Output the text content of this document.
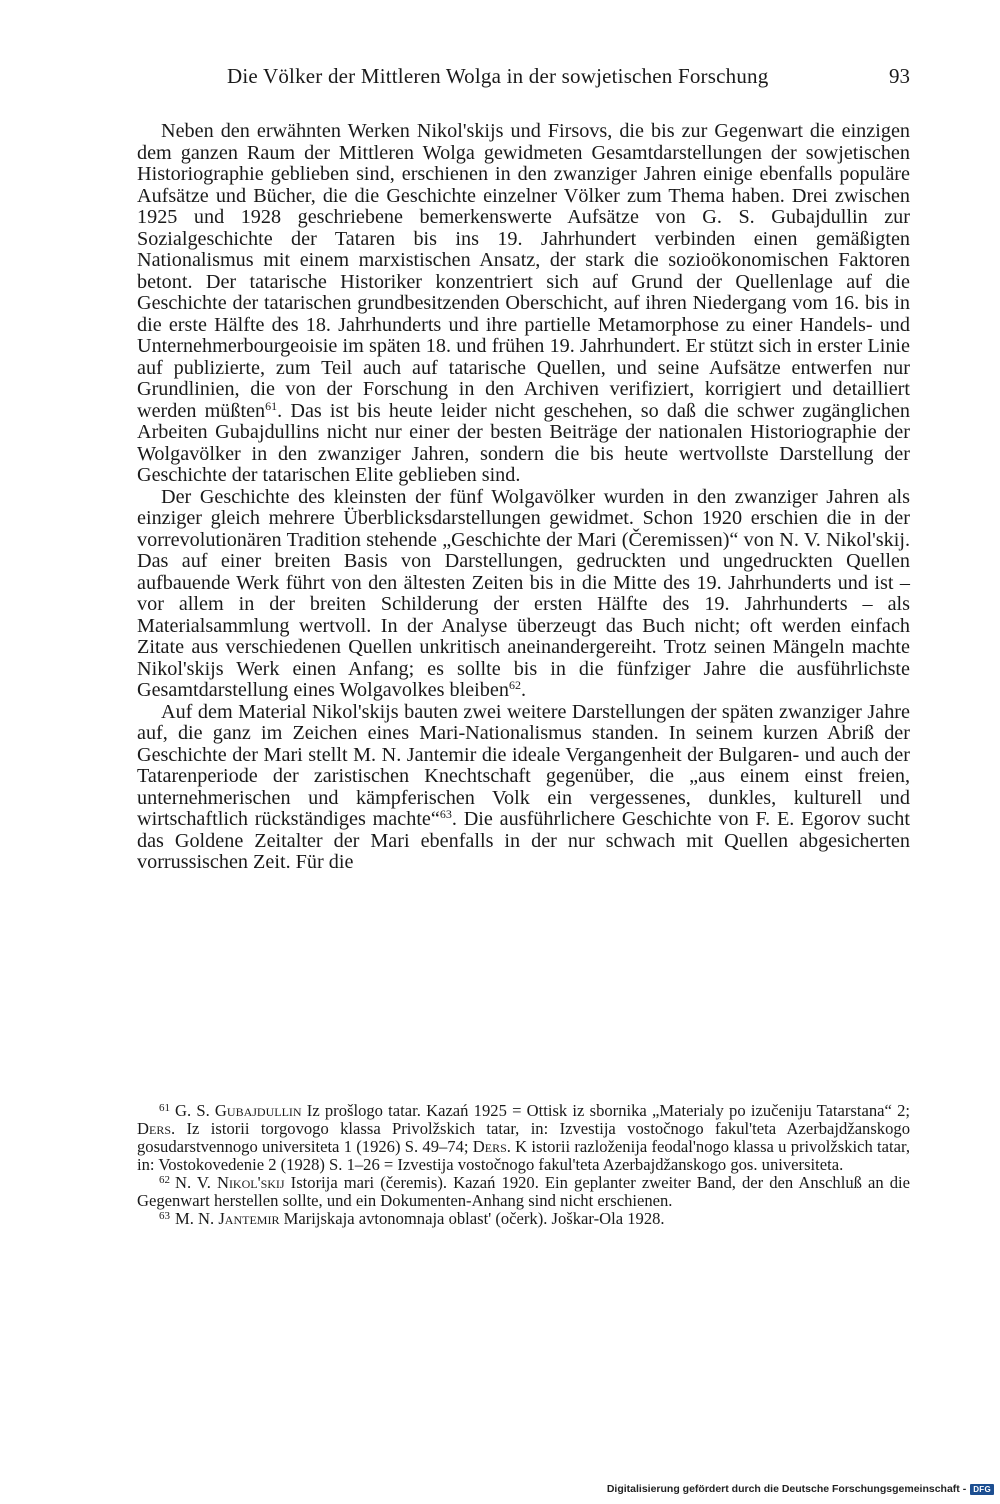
Die Völker der Mittleren Wolga in der sowjetischen Forschung	93

Neben den erwähnten Werken Nikol'skijs und Firsovs, die bis zur Gegenwart die einzigen dem ganzen Raum der Mittleren Wolga gewidmeten Gesamtdarstellungen der sowjetischen Historiographie geblieben sind, erschienen in den zwanziger Jahren einige ebenfalls populäre Aufsätze und Bücher, die die Geschichte einzelner Völker zum Thema haben. Drei zwischen 1925 und 1928 geschriebene bemerkenswerte Aufsätze von G. S. Gubajdullin zur Sozialgeschichte der Tataren bis ins 19. Jahrhundert verbinden einen gemäßigten Nationalismus mit einem marxistischen Ansatz, der stark die sozioökonomischen Faktoren betont. Der tatarische Historiker konzentriert sich auf Grund der Quellenlage auf die Geschichte der tatarischen grundbesitzenden Oberschicht, auf ihren Niedergang vom 16. bis in die erste Hälfte des 18. Jahrhunderts und ihre partielle Metamorphose zu einer Handels- und Unternehmerbourgeoisie im späten 18. und frühen 19. Jahrhundert. Er stützt sich in erster Linie auf publizierte, zum Teil auch auf tatarische Quellen, und seine Aufsätze entwerfen nur Grundlinien, die von der Forschung in den Archiven verifiziert, korrigiert und detailliert werden müßten$^{61}$. Das ist bis heute leider nicht geschehen, so daß die schwer zugänglichen Arbeiten Gubajdullins nicht nur einer der besten Beiträge der nationalen Historiographie der Wolgavölker in den zwanziger Jahren, sondern die bis heute wertvollste Darstellung der Geschichte der tatarischen Elite geblieben sind.

Der Geschichte des kleinsten der fünf Wolgavölker wurden in den zwanziger Jahren als einziger gleich mehrere Überblicksdarstellungen gewidmet. Schon 1920 erschien die in der vorrevolutionären Tradition stehende „Geschichte der Mari (Čeremissen)“ von N. V. Nikol'skij. Das auf einer breiten Basis von Darstellungen, gedruckten und ungedruckten Quellen aufbauende Werk führt von den ältesten Zeiten bis in die Mitte des 19. Jahrhunderts und ist – vor allem in der breiten Schilderung der ersten Hälfte des 19. Jahrhunderts – als Materialsammlung wertvoll. In der Analyse überzeugt das Buch nicht; oft werden einfach Zitate aus verschiedenen Quellen unkritisch aneinandergereiht. Trotz seinen Mängeln machte Nikol'skijs Werk einen Anfang; es sollte bis in die fünfziger Jahre die ausführlichste Gesamtdarstellung eines Wolgavolkes bleiben$^{62}$.

Auf dem Material Nikol'skijs bauten zwei weitere Darstellungen der späten zwanziger Jahre auf, die ganz im Zeichen eines Mari-Nationalismus standen. In seinem kurzen Abriß der Geschichte der Mari stellt M. N. Jantemir die ideale Vergangenheit der Bulgaren- und auch der Tatarenperiode der zaristischen Knechtschaft gegenüber, die „aus einem einst freien, unternehmerischen und kämpferischen Volk ein vergessenes, dunkles, kulturell und wirtschaftlich rückständiges machte“$^{63}$. Die ausführlichere Geschichte von F. E. Egorov sucht das Goldene Zeitalter der Mari ebenfalls in der nur schwach mit Quellen abgesicherten vorrussischen Zeit. Für die

$^{61}$ G. S. Gubajdullin Iz prošlogo tatar. Kazań 1925 = Ottisk iz sbornika „Materialy po izučeniju Tatarstana“ 2; Ders. Iz istorii torgovogo klassa Privolžskich tatar, in: Izvestija vostočnogo fakul'teta Azerbajdžanskogo gosudarstvennogo universiteta 1 (1926) S. 49–74; Ders. K istorii razloženija feodal'nogo klassa u privolžskich tatar, in: Vostokovedenie 2 (1928) S. 1–26 = Izvestija vostočnogo fakul'teta Azerbajdžanskogo gos. universiteta.

$^{62}$ N. V. Nikol'skij Istorija mari (čeremis). Kazań 1920. Ein geplanter zweiter Band, der den Anschluß an die Gegenwart herstellen sollte, und ein Dokumenten-Anhang sind nicht erschienen.

$^{63}$ M. N. Jantemir Marijskaja avtonomnaja oblast' (očerk). Joškar-Ola 1928.

Digitalisierung gefördert durch die Deutsche Forschungsgemeinschaft - DFG
